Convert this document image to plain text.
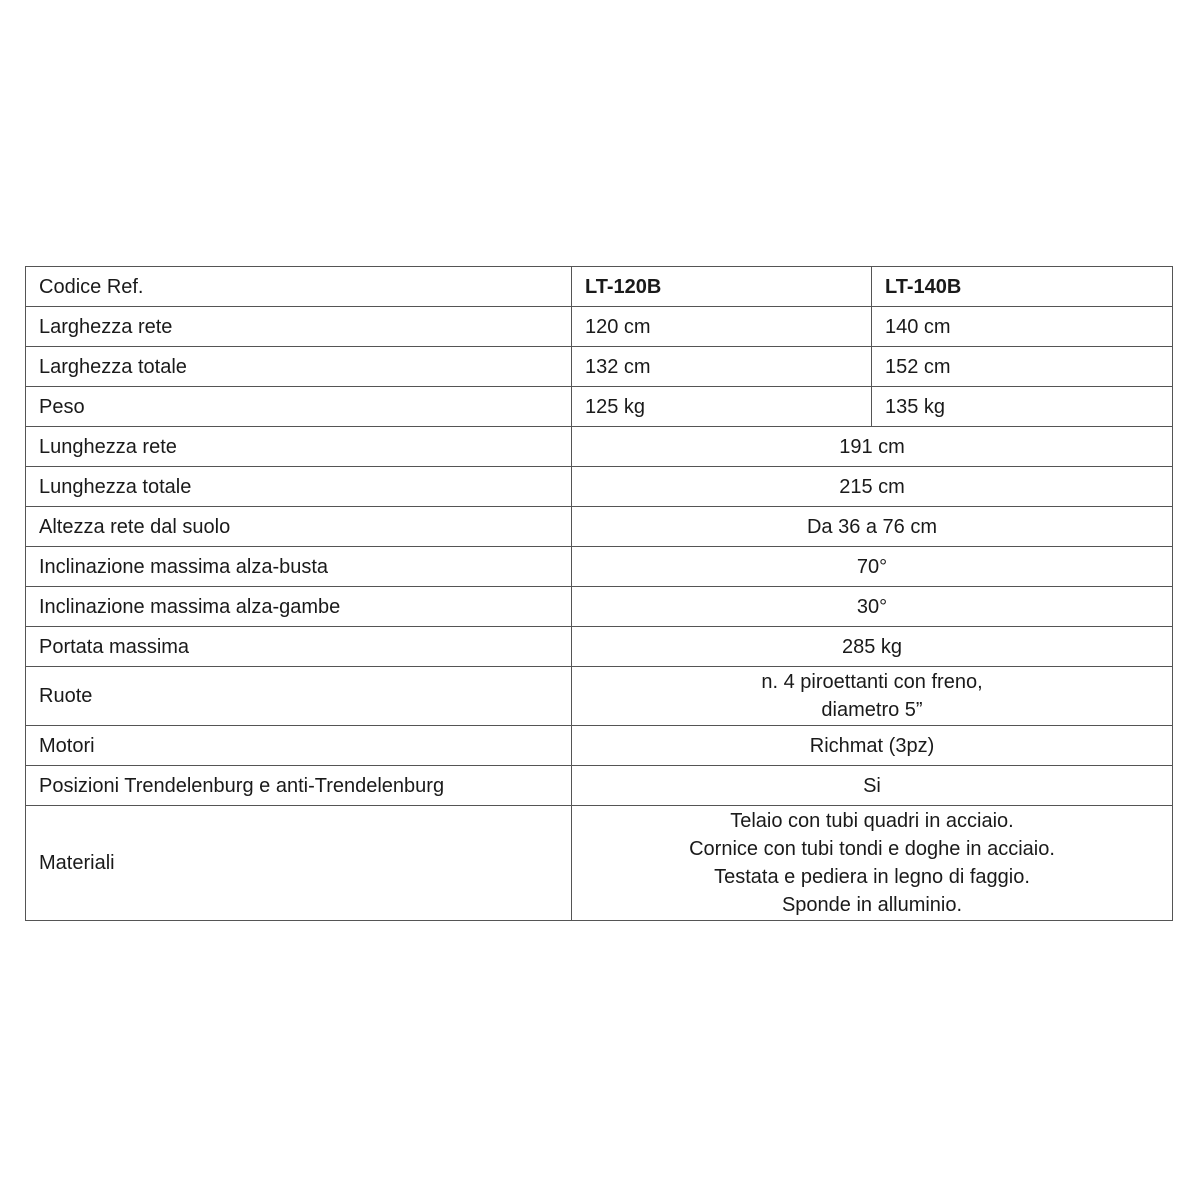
Codice Ref.	LT-120B	LT-140B
Larghezza rete	120 cm	140 cm
Larghezza totale	132 cm	152 cm
Peso	125 kg	135 kg
Lunghezza rete	191 cm	
Lunghezza totale	215 cm	
Altezza rete dal suolo	Da 36 a 76 cm	
Inclinazione massima alza-busta	70°	
Inclinazione massima alza-gambe	30°	
Portata massima	285 kg	
Ruote	n. 4 piroettanti con freno,
diametro 5”	

Motori	Richmat (3pz)	
Posizioni Trendelenburg e anti-Trendelenburg	Si	
Materiali	Telaio con tubi quadri in acciaio.
Cornice con tubi tondi e doghe in acciaio.
Testata e pediera in legno di faggio.
Sponde in alluminio.	
